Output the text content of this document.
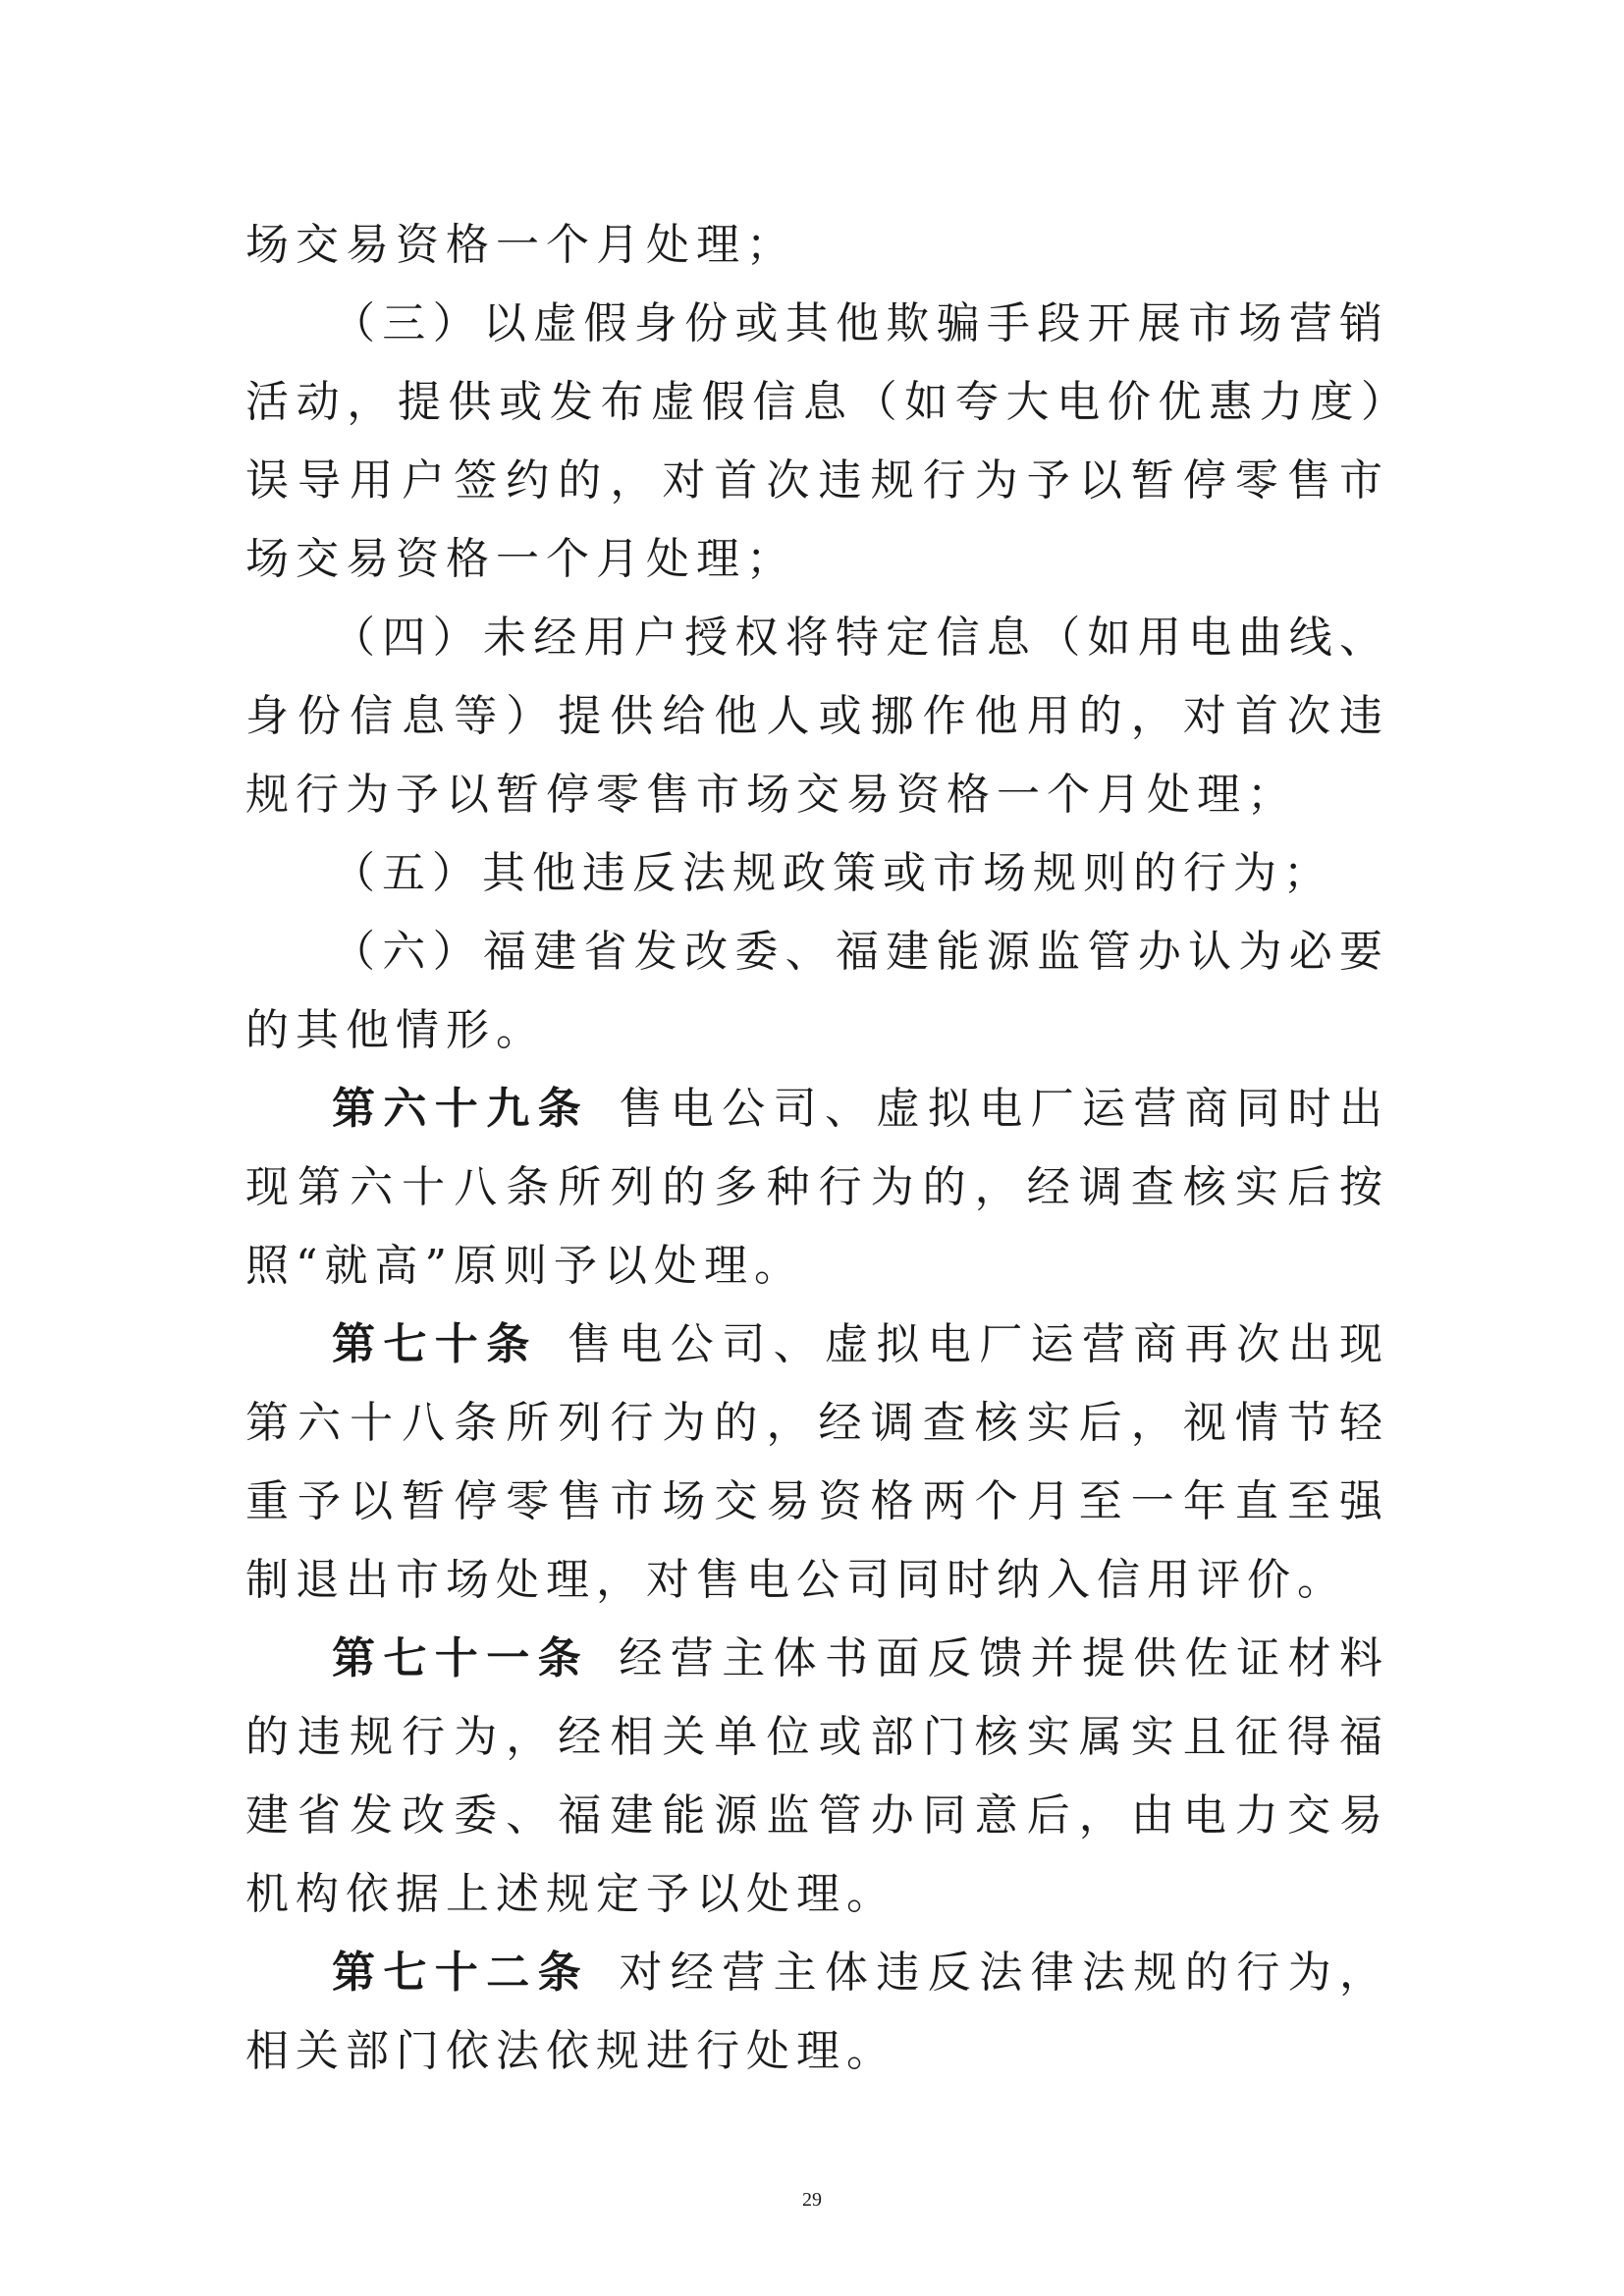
场交易资格一个月处理；

（三）以虚假身份或其他欺骗手段开展市场营销活动，提供或发布虚假信息（如夸大电价优惠力度）误导用户签约的，对首次违规行为予以暂停零售市场交易资格一个月处理；

（四）未经用户授权将特定信息（如用电曲线、身份信息等）提供给他人或挪作他用的，对首次违规行为予以暂停零售市场交易资格一个月处理；

（五）其他违反法规政策或市场规则的行为；

（六）福建省发改委、福建能源监管办认为必要的其他情形。

第六十九条  售电公司、虚拟电厂运营商同时出现第六十八条所列的多种行为的，经调查核实后按照“就高”原则予以处理。

第七十条  售电公司、虚拟电厂运营商再次出现第六十八条所列行为的，经调查核实后，视情节轻重予以暂停零售市场交易资格两个月至一年直至强制退出市场处理，对售电公司同时纳入信用评价。

第七十一条  经营主体书面反馈并提供佐证材料的违规行为，经相关单位或部门核实属实且征得福建省发改委、福建能源监管办同意后，由电力交易机构依据上述规定予以处理。

第七十二条  对经营主体违反法律法规的行为，相关部门依法依规进行处理。

29
